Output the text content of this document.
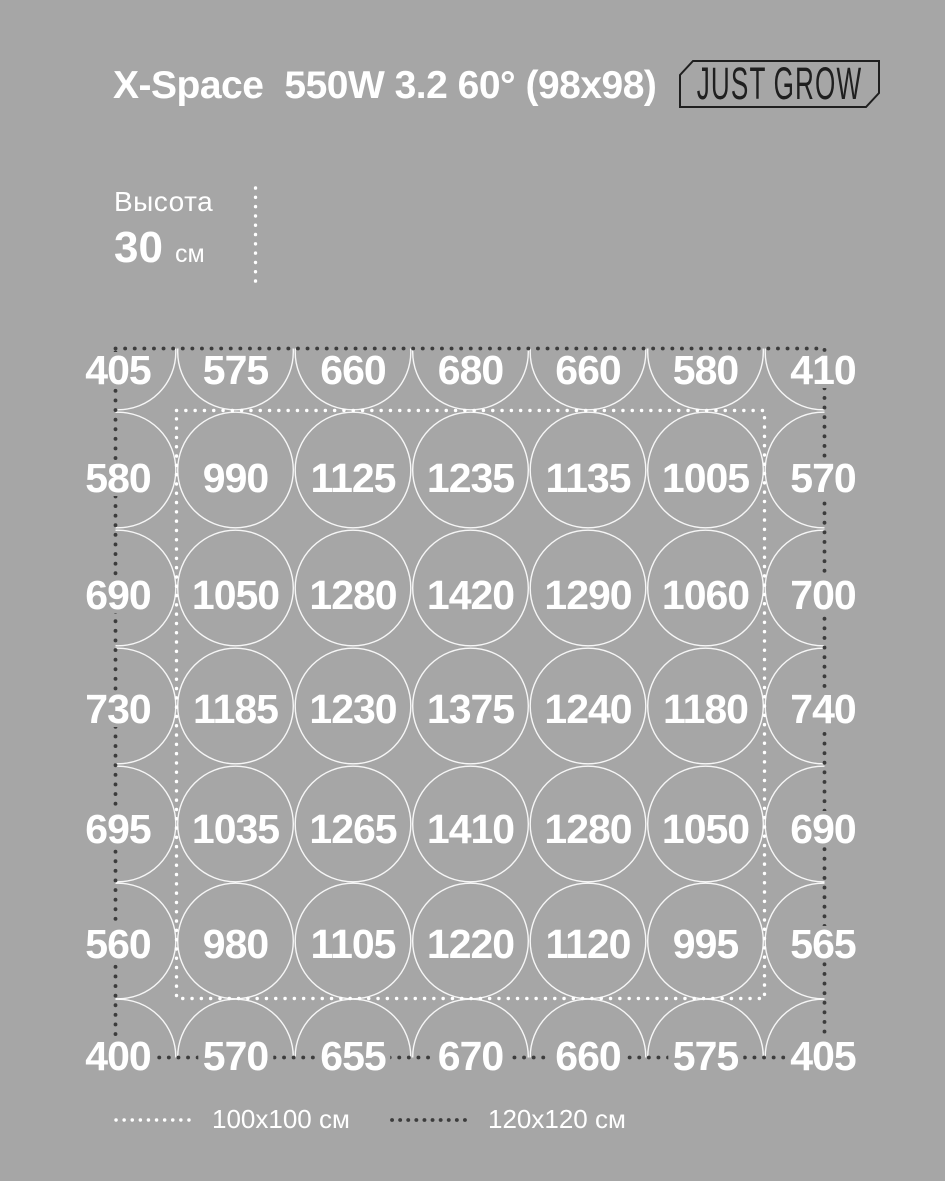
X-Space 550W 3.2 60° (98x98) JUST GROW
Высота
30 см
405 575 660 680 660 580 410
580 990 1125 1235 1135 1005 570
690 1050 1280 1420 1290 1060 700
730 1185 1230 1375 1240 1180 740
695 1035 1265 1410 1280 1050 690
560 980 1105 1220 1120 995 565
400 570 655 670 660 575 405
100x100 см	120x120 см
